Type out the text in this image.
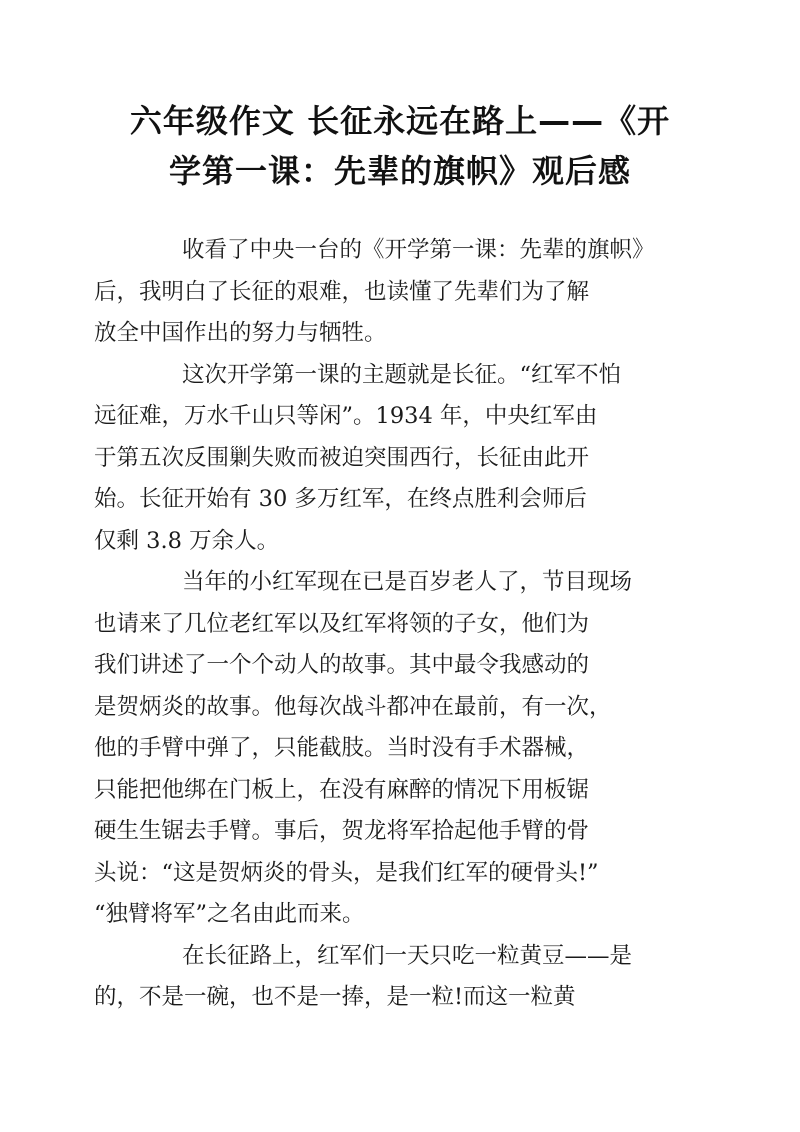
六年级作文 长征永远在路上——《开
学第一课：先辈的旗帜》观后感
收看了中央一台的《开学第一课：先辈的旗帜》
后，我明白了长征的艰难，也读懂了先辈们为了解
放全中国作出的努力与牺牲。
这次开学第一课的主题就是长征。“红军不怕
远征难，万水千山只等闲”。1934 年，中央红军由
于第五次反围剿失败而被迫突围西行，长征由此开
始。长征开始有 30 多万红军，在终点胜利会师后
仅剩 3.8 万余人。
当年的小红军现在已是百岁老人了，节目现场
也请来了几位老红军以及红军将领的子女，他们为
我们讲述了一个个动人的故事。其中最令我感动的
是贺炳炎的故事。他每次战斗都冲在最前，有一次，
他的手臂中弹了，只能截肢。当时没有手术器械，
只能把他绑在门板上，在没有麻醉的情况下用板锯
硬生生锯去手臂。事后，贺龙将军拾起他手臂的骨
头说：“这是贺炳炎的骨头，是我们红军的硬骨头!”
“独臂将军”之名由此而来。
在长征路上，红军们一天只吃一粒黄豆——是
的，不是一碗，也不是一捧，是一粒!而这一粒黄
